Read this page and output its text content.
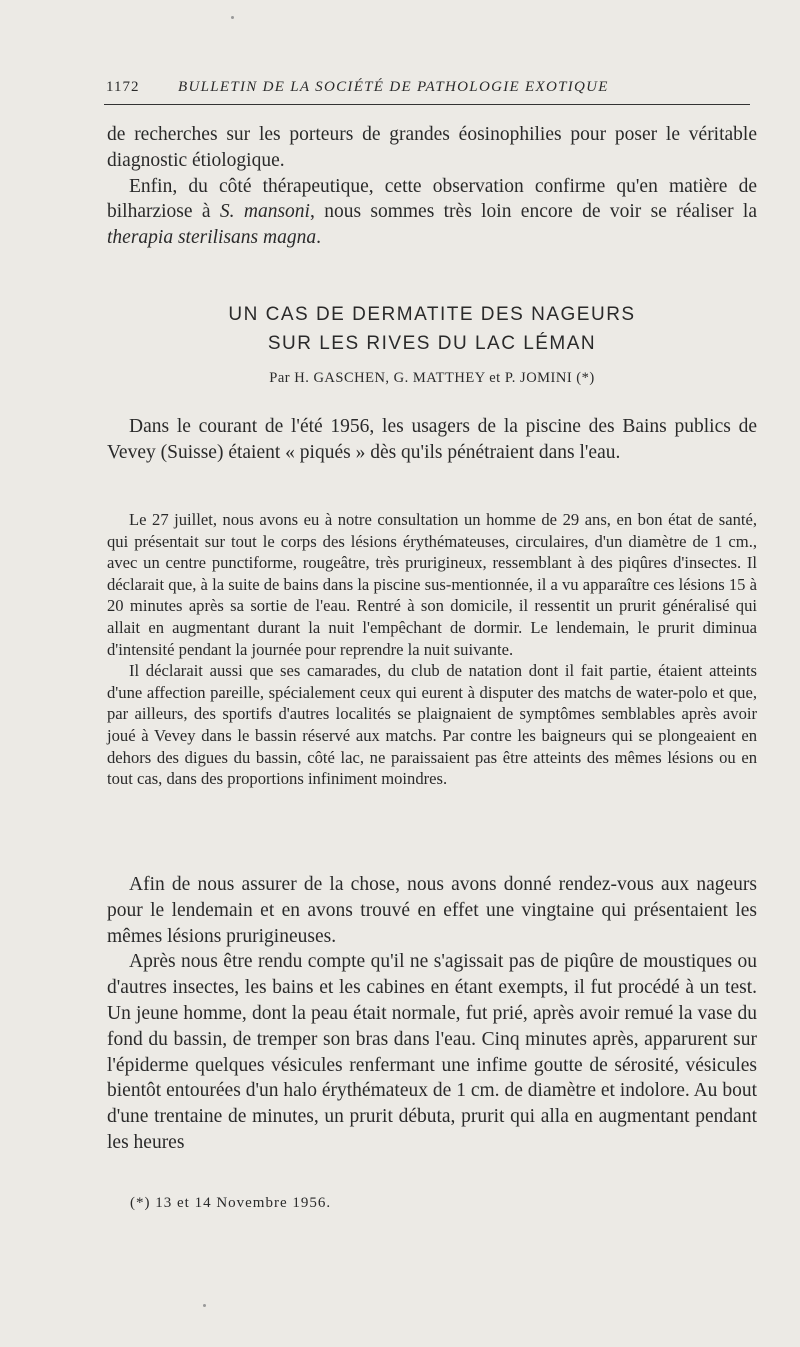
1172	BULLETIN DE LA SOCIÉTÉ DE PATHOLOGIE EXOTIQUE

de recherches sur les porteurs de grandes éosinophilies pour poser le véritable diagnostic étiologique.

Enfin, du côté thérapeutique, cette observation confirme qu'en matière de bilharziose à S. mansoni, nous sommes très loin encore de voir se réaliser la therapia sterilisans magna.

UN CAS DE DERMATITE DES NAGEURS
SUR LES RIVES DU LAC LÉMAN
Par H. GASCHEN, G. MATTHEY et P. JOMINI (*)

Dans le courant de l'été 1956, les usagers de la piscine des Bains publics de Vevey (Suisse) étaient « piqués » dès qu'ils pénétraient dans l'eau.

Le 27 juillet, nous avons eu à notre consultation un homme de 29 ans, en bon état de santé, qui présentait sur tout le corps des lésions érythémateuses, circulaires, d'un diamètre de 1 cm., avec un centre punctiforme, rougeâtre, très prurigineux, ressemblant à des piqûres d'insectes. Il déclarait que, à la suite de bains dans la piscine sus-mentionnée, il a vu apparaître ces lésions 15 à 20 minutes après sa sortie de l'eau. Rentré à son domicile, il ressentit un prurit généralisé qui allait en augmentant durant la nuit l'empêchant de dormir. Le lendemain, le prurit diminua d'intensité pendant la journée pour reprendre la nuit suivante.

Il déclarait aussi que ses camarades, du club de natation dont il fait partie, étaient atteints d'une affection pareille, spécialement ceux qui eurent à disputer des matchs de water-polo et que, par ailleurs, des sportifs d'autres localités se plaignaient de symptômes semblables après avoir joué à Vevey dans le bassin réservé aux matchs. Par contre les baigneurs qui se plongeaient en dehors des digues du bassin, côté lac, ne paraissaient pas être atteints des mêmes lésions ou en tout cas, dans des proportions infiniment moindres.

Afin de nous assurer de la chose, nous avons donné rendez-vous aux nageurs pour le lendemain et en avons trouvé en effet une vingtaine qui présentaient les mêmes lésions prurigineuses.

Après nous être rendu compte qu'il ne s'agissait pas de piqûre de moustiques ou d'autres insectes, les bains et les cabines en étant exempts, il fut procédé à un test. Un jeune homme, dont la peau était normale, fut prié, après avoir remué la vase du fond du bassin, de tremper son bras dans l'eau. Cinq minutes après, apparurent sur l'épiderme quelques vésicules renfermant une infime goutte de sérosité, vésicules bientôt entourées d'un halo érythémateux de 1 cm. de diamètre et indolore. Au bout d'une trentaine de minutes, un prurit débuta, prurit qui alla en augmentant pendant les heures

(*) 13 et 14 Novembre 1956.
